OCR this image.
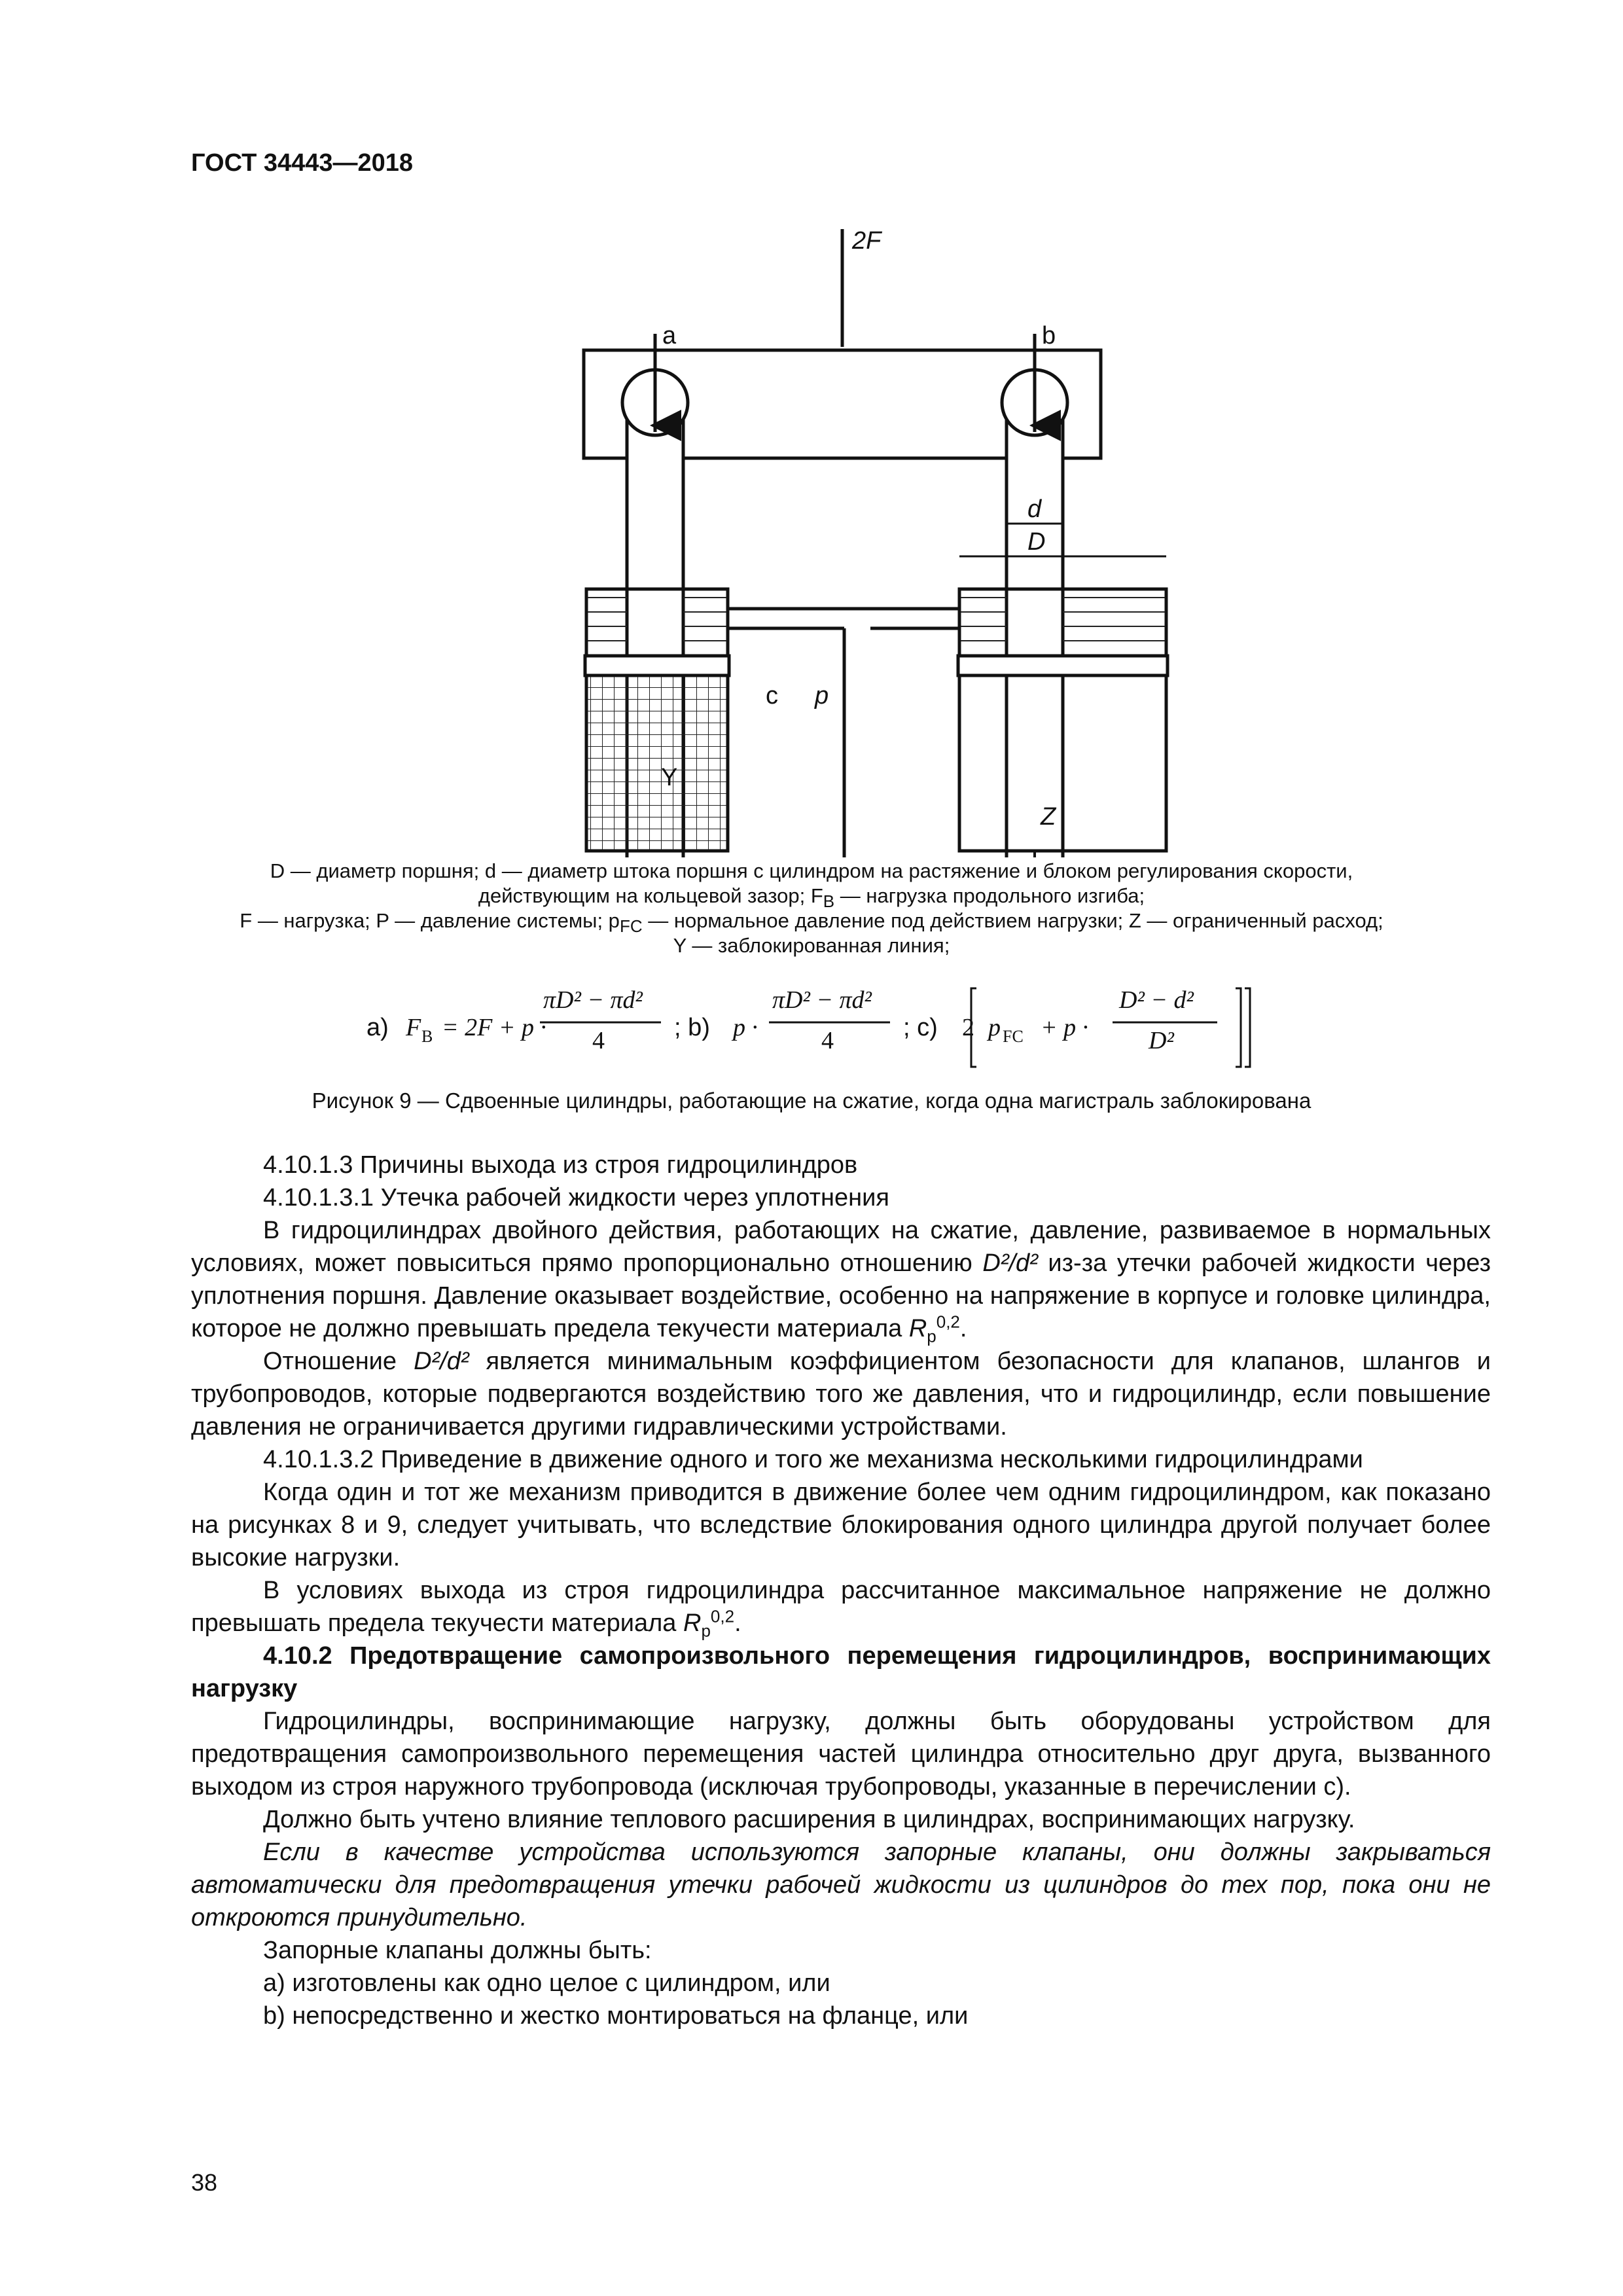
ГОСТ 34443—2018
2F
a	b
d
D
c p
Y
Z
D — диаметр поршня; d — диаметр штока поршня с цилиндром на растяжение и блоком регулирования скорости,
действующим на кольцевой зазор; $F_B$ — нагрузка продольного изгиба;
F — нагрузка; P — давление системы; $p_{FC}$ — нормальное давление под действием нагрузки; Z — ограниченный расход;
Y — заблокированная линия;
a) F B = 2F + p ·
πD² − πd²
4	; b) p ·
πD² − πd²
4	; c) 2 p FC + p ·
D² − d²
D²
Рисунок 9 — Сдвоенные цилиндры, работающие на сжатие, когда одна магистраль заблокирована
4.10.1.3 Причины выхода из строя гидроцилиндров
4.10.1.3.1 Утечка рабочей жидкости через уплотнения
В гидроцилиндрах двойного действия, работающих на сжатие, давление, развиваемое в нормальных условиях, может повыситься прямо пропорционально отношению D²/d² из-за утечки рабочей жидкости через уплотнения поршня. Давление оказывает воздействие, особенно на напряжение в корпусе и головке цилиндра, которое не должно превышать предела текучести материала $R_p^{0,2}$.
Отношение D²/d² является минимальным коэффициентом безопасности для клапанов, шлангов и трубопроводов, которые подвергаются воздействию того же давления, что и гидроцилиндр, если повышение давления не ограничивается другими гидравлическими устройствами.
4.10.1.3.2 Приведение в движение одного и того же механизма несколькими гидроцилиндрами
Когда один и тот же механизм приводится в движение более чем одним гидроцилиндром, как показано на рисунках 8 и 9, следует учитывать, что вследствие блокирования одного цилиндра другой получает более высокие нагрузки.
В условиях выхода из строя гидроцилиндра рассчитанное максимальное напряжение не должно превышать предела текучести материала $R_p^{0,2}$.
4.10.2 Предотвращение самопроизвольного перемещения гидроцилиндров, воспринимающих нагрузку
Гидроцилиндры, воспринимающие нагрузку, должны быть оборудованы устройством для предотвращения самопроизвольного перемещения частей цилиндра относительно друг друга, вызванного выходом из строя наружного трубопровода (исключая трубопроводы, указанные в перечислении с).
Должно быть учтено влияние теплового расширения в цилиндрах, воспринимающих нагрузку.
Если в качестве устройства используются запорные клапаны, они должны закрываться автоматически для предотвращения утечки рабочей жидкости из цилиндров до тех пор, пока они не откроются принудительно.
Запорные клапаны должны быть:
a) изготовлены как одно целое с цилиндром, или
b) непосредственно и жестко монтироваться на фланце, или
38
